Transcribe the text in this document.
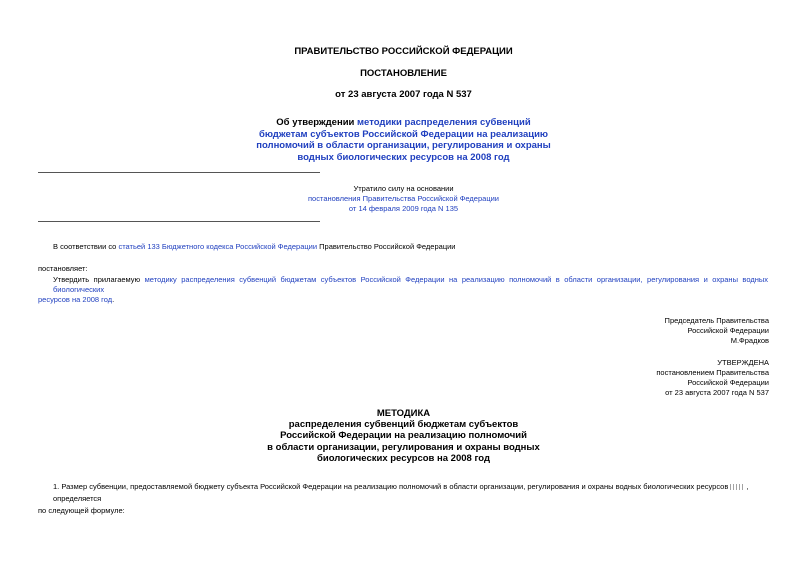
ПРАВИТЕЛЬСТВО РОССИЙСКОЙ ФЕДЕРАЦИИ
ПОСТАНОВЛЕНИЕ
от 23 августа 2007 года N 537
Об утверждении методики распределения субвенций
бюджетам субъектов Российской Федерации на реализацию
полномочий в области организации, регулирования и охраны
водных биологических ресурсов на 2008 год
Утратило силу на основании
постановления Правительства Российской Федерации
от 14 февраля 2009 года N 135
В соответствии со статьей 133 Бюджетного кодекса Российской Федерации Правительство Российской Федерации
постановляет:
Утвердить прилагаемую методику распределения субвенций бюджетам субъектов Российской Федерации на реализацию полномочий в области организации, регулирования и охраны водных биологических
ресурсов на 2008 год.
Председатель Правительства
Российской Федерации
М.Фрадков
УТВЕРЖДЕНА
постановлением Правительства
Российской Федерации
от 23 августа 2007 года N 537
МЕТОДИКА
распределения субвенций бюджетам субъектов
Российской Федерации на реализацию полномочий
в области организации, регулирования и охраны водных
биологических ресурсов на 2008 год
1. Размер субвенции, предоставляемой бюджету субъекта Российской Федерации на реализацию полномочий в области организации, регулирования и охраны водных биологических ресурсов , определяется
по следующей формуле:
